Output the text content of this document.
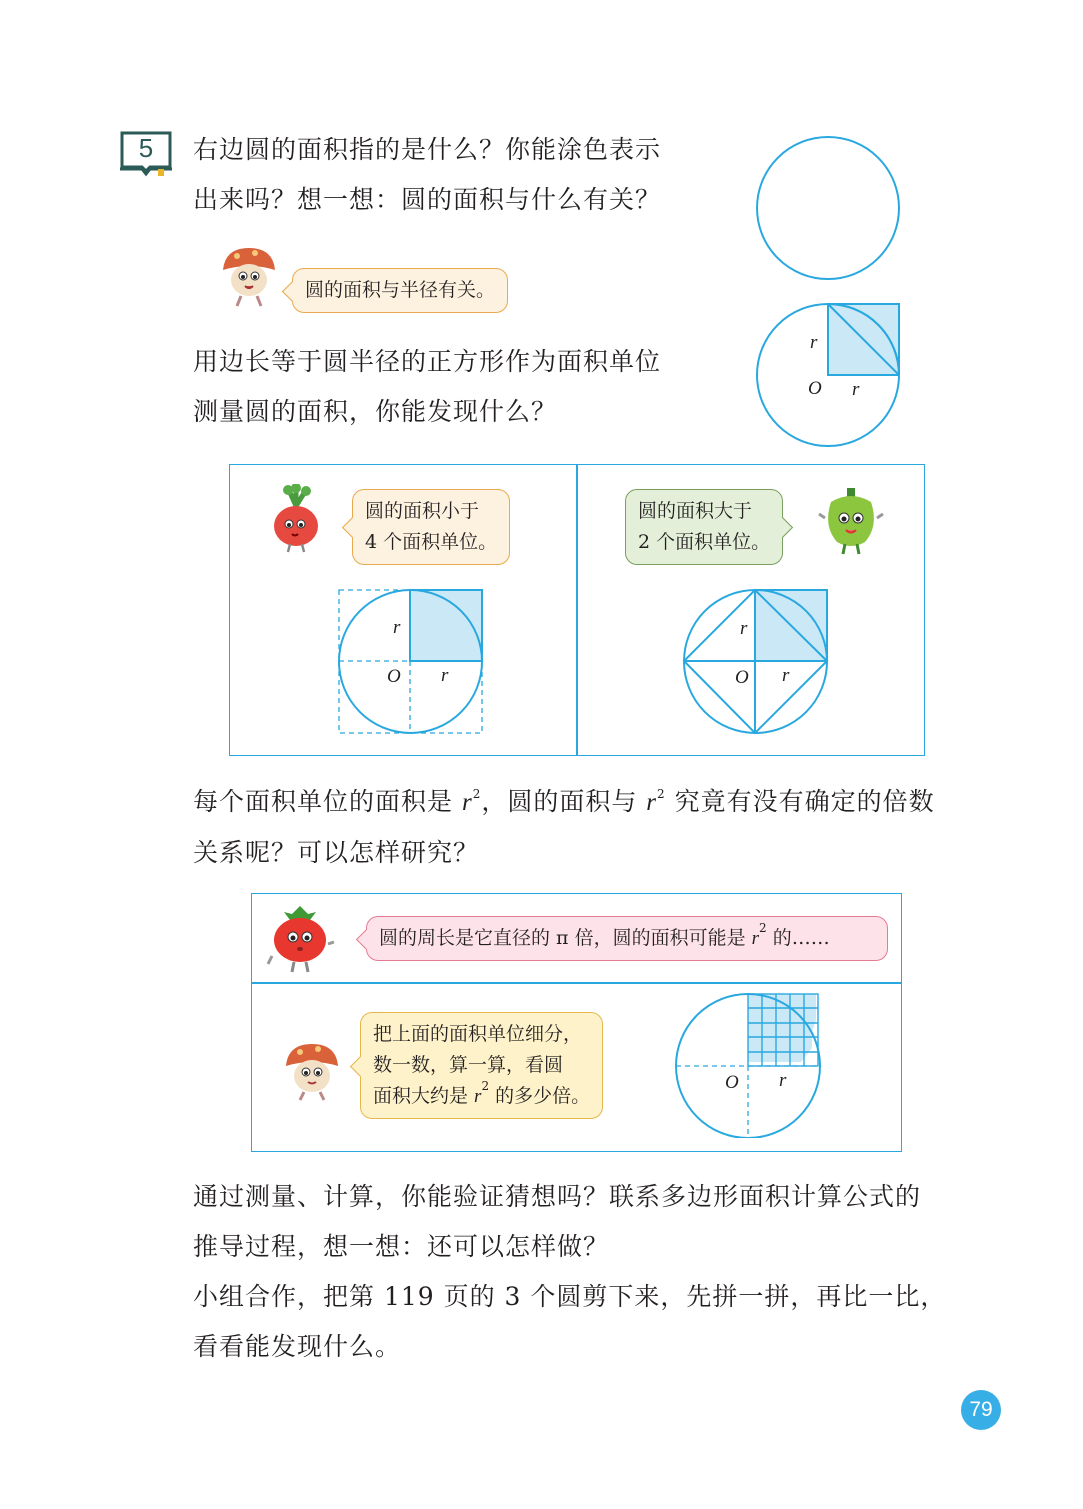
5	右边圆的面积指的是什么？你能涂色表示
出来吗？想一想：圆的面积与什么有关？
圆的面积与半径有关。
r
O r
用边长等于圆半径的正方形作为面积单位
测量圆的面积，你能发现什么？
圆的面积小于
4 个面积单位。
r
O r
圆的面积大于
2 个面积单位。
r
O r
每个面积单位的面积是 $r^2$，圆的面积与 $r^2$ 究竟有没有确定的倍数
关系呢？可以怎样研究？
圆的周长是它直径的 π 倍，圆的面积可能是 $r^2$ 的……
把上面的面积单位细分，
数一数，算一算，看圆
面积大约是 $r^2$ 的多少倍。
O r
通过测量、计算，你能验证猜想吗？联系多边形面积计算公式的
推导过程，想一想：还可以怎样做？
小组合作，把第 119 页的 3 个圆剪下来，先拼一拼，再比一比，
看看能发现什么。
79
